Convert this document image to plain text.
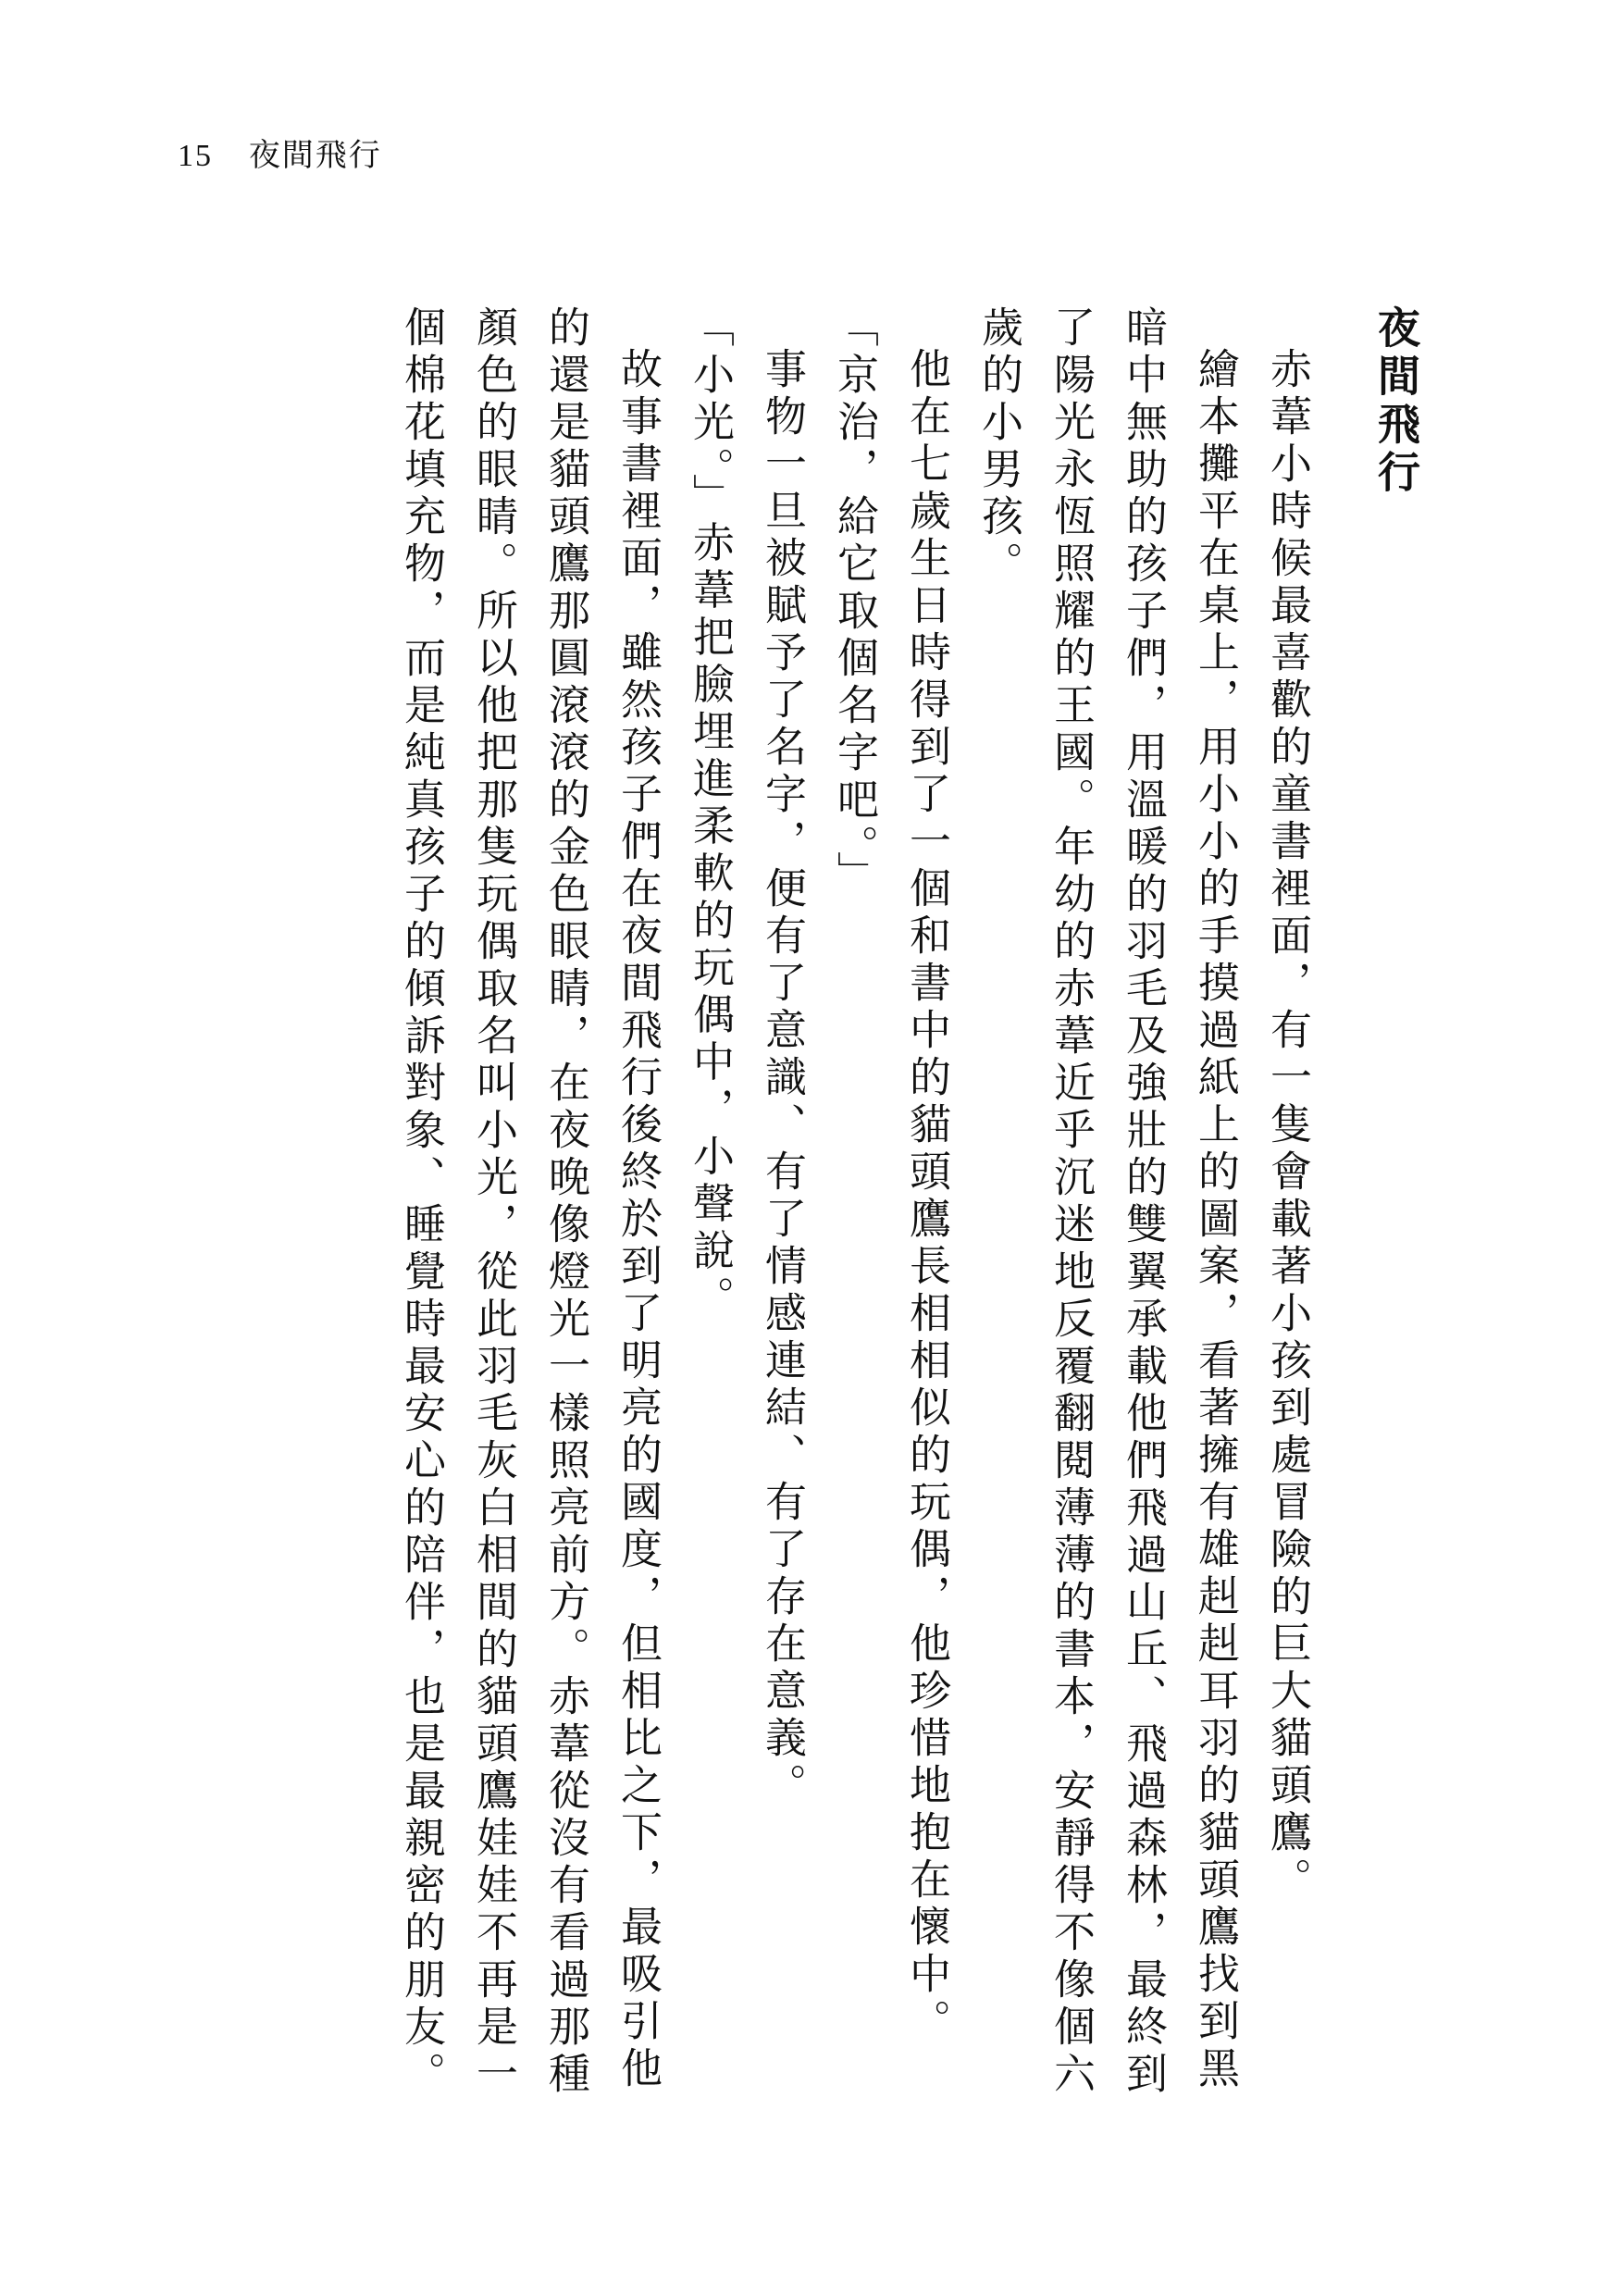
15 夜間飛行
夜間飛行

赤葦小時候最喜歡的童書裡面，有一隻會載著小孩到處冒險的巨大貓頭鷹。

繪本攤平在桌上，用小小的手摸過紙上的圖案，看著擁有雄赳赳耳羽的貓頭鷹找到黑暗中無助的孩子們，用溫暖的羽毛及強壯的雙翼承載他們飛過山丘、飛過森林，最終到了陽光永恆照耀的王國。年幼的赤葦近乎沉迷地反覆翻閱薄薄的書本，安靜得不像個六歲的小男孩。

他在七歲生日時得到了一個和書中的貓頭鷹長相相似的玩偶，他珍惜地抱在懷中。

「京治，給它取個名字吧。」

事物一旦被賦予了名字，便有了意識、有了情感連結、有了存在意義。

「小光。」赤葦把臉埋進柔軟的玩偶中，小聲說。

故事書裡面，雖然孩子們在夜間飛行後終於到了明亮的國度，但相比之下，最吸引他的還是貓頭鷹那圓滾滾的金色眼睛，在夜晚像燈光一樣照亮前方。赤葦從沒有看過那種顏色的眼睛。所以他把那隻玩偶取名叫小光，從此羽毛灰白相間的貓頭鷹娃娃不再是一個棉花填充物，而是純真孩子的傾訴對象、睡覺時最安心的陪伴，也是最親密的朋友。
